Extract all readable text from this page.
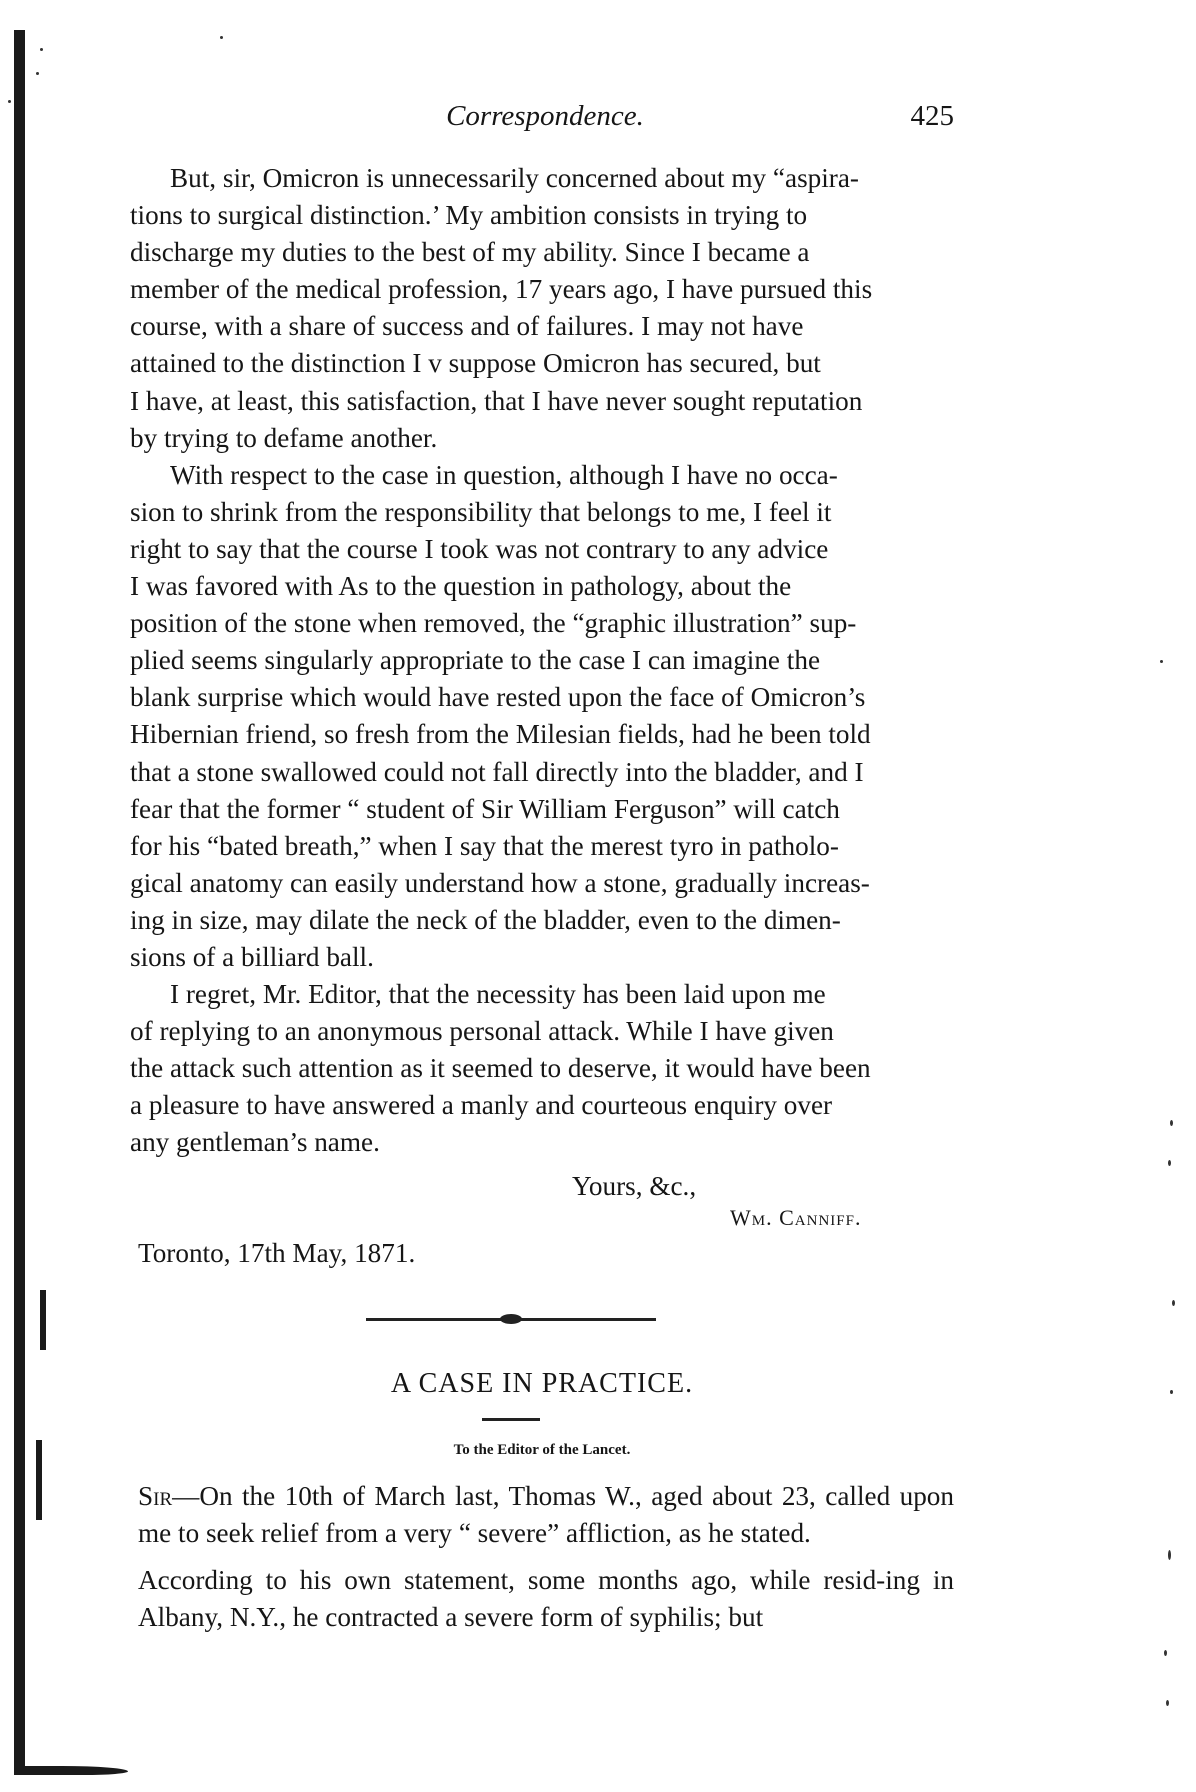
Correspondence.	425

But, sir, Omicron is unnecessarily concerned about my “aspira-

tions to surgical distinction.’ My ambition consists in trying to

discharge my duties to the best of my ability. Since I became a

member of the medical profession, 17 years ago, I have pursued this

course, with a share of success and of failures. I may not have

attained to the distinction I v suppose Omicron has secured, but

I have, at least, this satisfaction, that I have never sought reputation

by trying to defame another.

With respect to the case in question, although I have no occa-

sion to shrink from the responsibility that belongs to me, I feel it

right to say that the course I took was not contrary to any advice

I was favored with As to the question in pathology, about the

position of the stone when removed, the “graphic illustration” sup-

plied seems singularly appropriate to the case I can imagine the

blank surprise which would have rested upon the face of Omicron’s

Hibernian friend, so fresh from the Milesian fields, had he been told

that a stone swallowed could not fall directly into the bladder, and I

fear that the former “ student of Sir William Ferguson” will catch

for his “bated breath,” when I say that the merest tyro in patholo-

gical anatomy can easily understand how a stone, gradually increas-

ing in size, may dilate the neck of the bladder, even to the dimen-

sions of a billiard ball.

I regret, Mr. Editor, that the necessity has been laid upon me

of replying to an anonymous personal attack. While I have given

the attack such attention as it seemed to deserve, it would have been

a pleasure to have answered a manly and courteous enquiry over

any gentleman’s name.

Yours, &c.,
Wm. Canniff.
Toronto, 17th May, 1871.
A CASE IN PRACTICE.
To the Editor of the Lancet.

Sir—On the 10th of March last, Thomas W., aged about 23, called upon me to seek relief from a very “ severe” affliction, as he stated.

According to his own statement, some months ago, while resid-ing in Albany, N.Y., he contracted a severe form of syphilis; but
